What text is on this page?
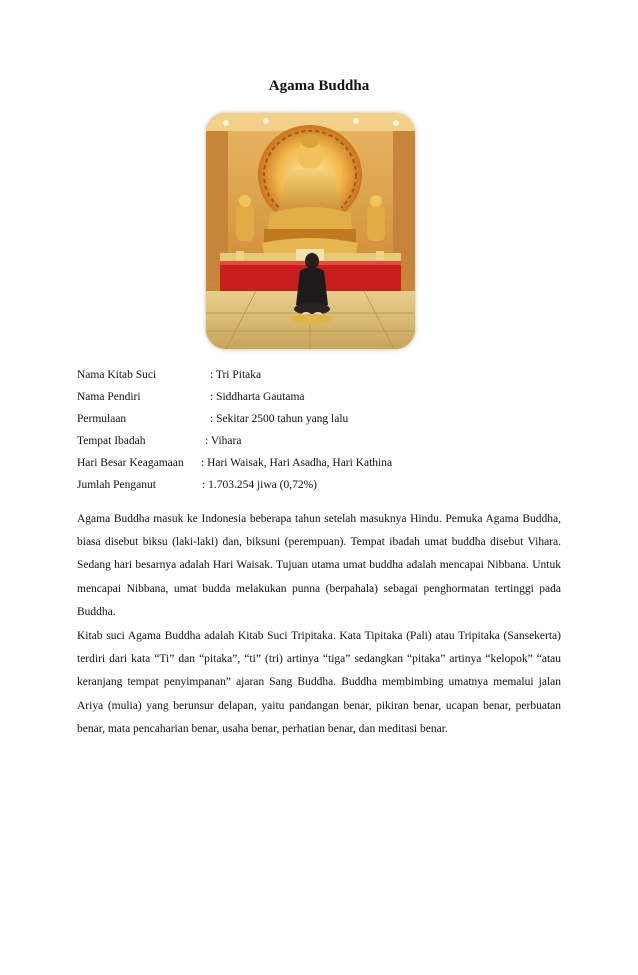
Agama Buddha
Nama Kitab Suci	: Tri Pitaka
Nama Pendiri	: Siddharta Gautama
Permulaan	: Sekitar 2500 tahun yang lalu
Tempat Ibadah	: Vihara
Hari Besar Keagamaan : Hari Waisak, Hari Asadha, Hari Kathina
Jumlah Penganut	: 1.703.254 jiwa (0,72%)

Agama Buddha masuk ke Indonesia beberapa tahun setelah masuknya Hindu. Pemuka Agama Buddha, biasa disebut biksu (laki-laki) dan, biksuni (perempuan). Tempat ibadah umat buddha disebut Vihara. Sedang hari besarnya adalah Hari Waisak. Tujuan utama umat buddha adalah mencapai Nibbana. Untuk mencapai Nibbana, umat budda melakukan punna (berpahala) sebagai penghormatan tertinggi pada Buddha.

Kitab suci Agama Buddha adalah Kitab Suci Tripitaka. Kata Tipitaka (Pali) atau Tripitaka (Sansekerta) terdiri dari kata “Ti” dan “pitaka”, “ti” (tri) artinya “tiga” sedangkan “pitaka” artinya “kelopok” “atau keranjang tempat penyimpanan” ajaran Sang Buddha. Buddha membimbing umatnya memalui jalan Ariya (mulia) yang berunsur delapan, yaitu pandangan benar, pikiran benar, ucapan benar, perbuatan benar, mata pencaharian benar, usaha benar, perhatian benar, dan meditasi benar.
